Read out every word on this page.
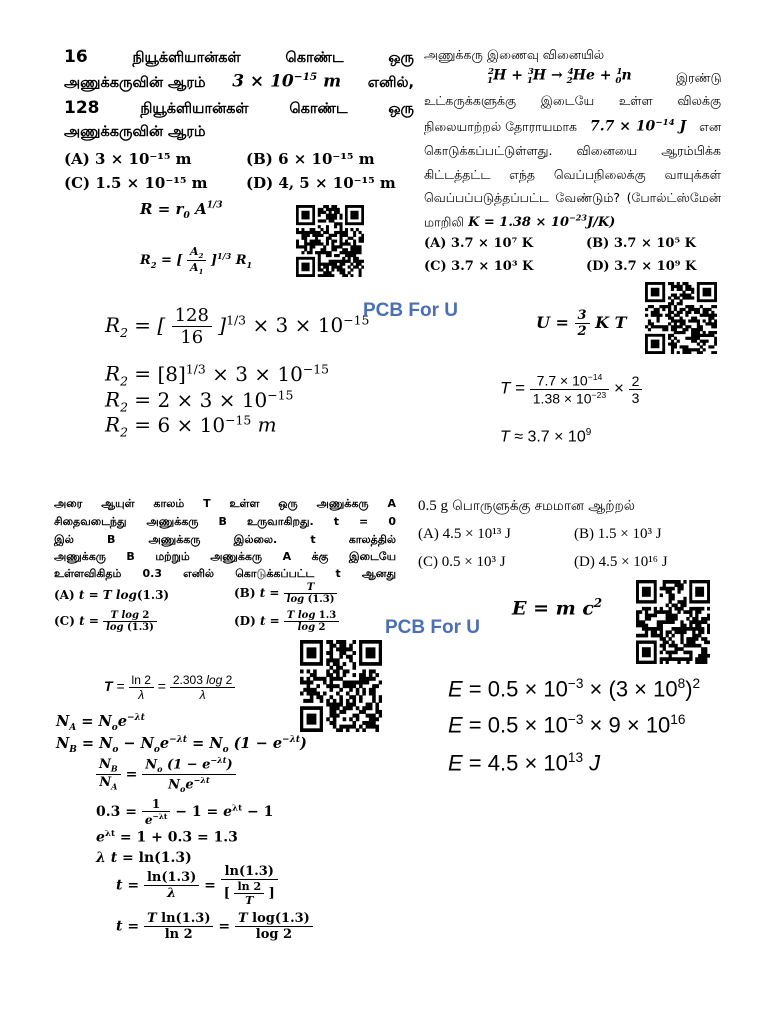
16	நியூக்ளியான்கள்	கொண்ட	ஒரு
அணுக்கருவின் ஆரம் $3 \times 10^{-15}$ m எனில்,
128	நியூக்ளியான்கள்	கொண்ட	ஒரு
அணுக்கருவின் ஆரம்
(A) 3 × 10⁻¹⁵ m	(B) 6 × 10⁻¹⁵ m
(C) 1.5 × 10⁻¹⁵ m	(D) 4, 5 × 10⁻¹⁵ m
$R = r_0$ $A^{1/3}$
$R_2$ = [ $\frac{A_2}{A_1} ]^{1/3}$ $R_1$
$R_2$ = [ $\frac{128}{16} ]^{1/3} \times 3 \times 10^{-15}$
$R_2 = [8]^{1/3} \times 3 \times 10^{-15}$
$R_2 = 2 \times 3 \times 10^{-15}$
$R_2 = 6 \times 10^{-15}$ m
PCB For U
அணுக்கரு இணைவு வினையில்
$^2_1$H + $^3_1$H → $^4_2$He + $^1_0$n	இரண்டு
உட்கருக்களுக்கு இடையே உள்ள விலக்கு
நிலையாற்றல் தோராயமாக $7.7 \times 10^{-14}$ J என
கொடுக்கப்பட்டுள்ளது. வினையை ஆரம்பிக்க
கிட்டத்தட்ட எந்த வெப்பநிலைக்கு வாயுக்கள்
வெப்பப்படுத்தப்பட்ட வேண்டும்? (போல்ட்ஸ்மேன்
மாறிலி $K = 1.38 \times 10^{-23}J/K$)
(A) 3.7 × 10⁷ K	(B) 3.7 × 10⁵ K
(C) 3.7 × 10³ K	(D) 3.7 × 10⁹ K
$U = \frac{3}{2}$ K T
$T = \frac{7.7 \times 10^{-14}}{1.38 \times 10^{-23}} \times \frac{2}{3}$
$T \approx 3.7 \times 10^9$
அரை ஆயுள் காலம் T உள்ள ஒரு அணுக்கரு A
சிதைவடைந்து அணுக்கரு B உருவாகிறது. t = 0
இல் B அணுக்கரு இல்லை. t காலத்தில்
அணுக்கரு B மற்றும் அணுக்கரு A க்கு இடையே
உள்ளவிகிதம் 0.3 எனில் கொடுக்கப்பட்ட t ஆனது
(A) t = T log(1.3)	(B) $t = \frac{T}{\log (1.3)}$
(C) $t = \frac{\text{T log 2}}{\log (1.3)}$	(D) $t = \frac{\text{T log 1.3}}{\log 2}$
$T = \frac{\ln 2}{\lambda} = \frac{2.303 \log 2}{\lambda}$
$N_A = N_oe^{-\lambda t}$
$N_B = N_o - N_oe^{-\lambda t} = N_o$ $(1 - e^{-\lambda t})$
$\frac{N_B}{N_A} = \frac{N_o (1 - e^{-\lambda t})}{N_oe^{-\lambda t}}$
$0.3 = \frac{1}{e^{-\lambda t}} - 1 = e^{\lambda t} - 1$
$e^{\lambda t} = 1 + 0.3 = 1.3$
λ t = ln(1.3)
$t = \frac{\ln(1.3)}{\lambda} = \frac{\ln(1.3)}{[ \frac{\ln 2}{T} ]}$
$t = \frac{\text{T ln(1.3)}}{\ln 2} = \frac{\text{T log(1.3)}}{\log 2}$
0.5 g பொருளுக்கு சமமான ஆற்றல்
(A) 4.5 × 10¹³ J	(B) 1.5 × 10³ J
(C) 0.5 × 10³ J	(D) 4.5 × 10¹⁶ J
E = m $c^2$
PCB For U
$E = 0.5 \times 10^{-3} \times (3 \times 10^8)^2$
$E = 0.5 \times 10^{-3} \times 9 \times 10^{16}$
$E = 4.5 \times 10^{13}$ J
